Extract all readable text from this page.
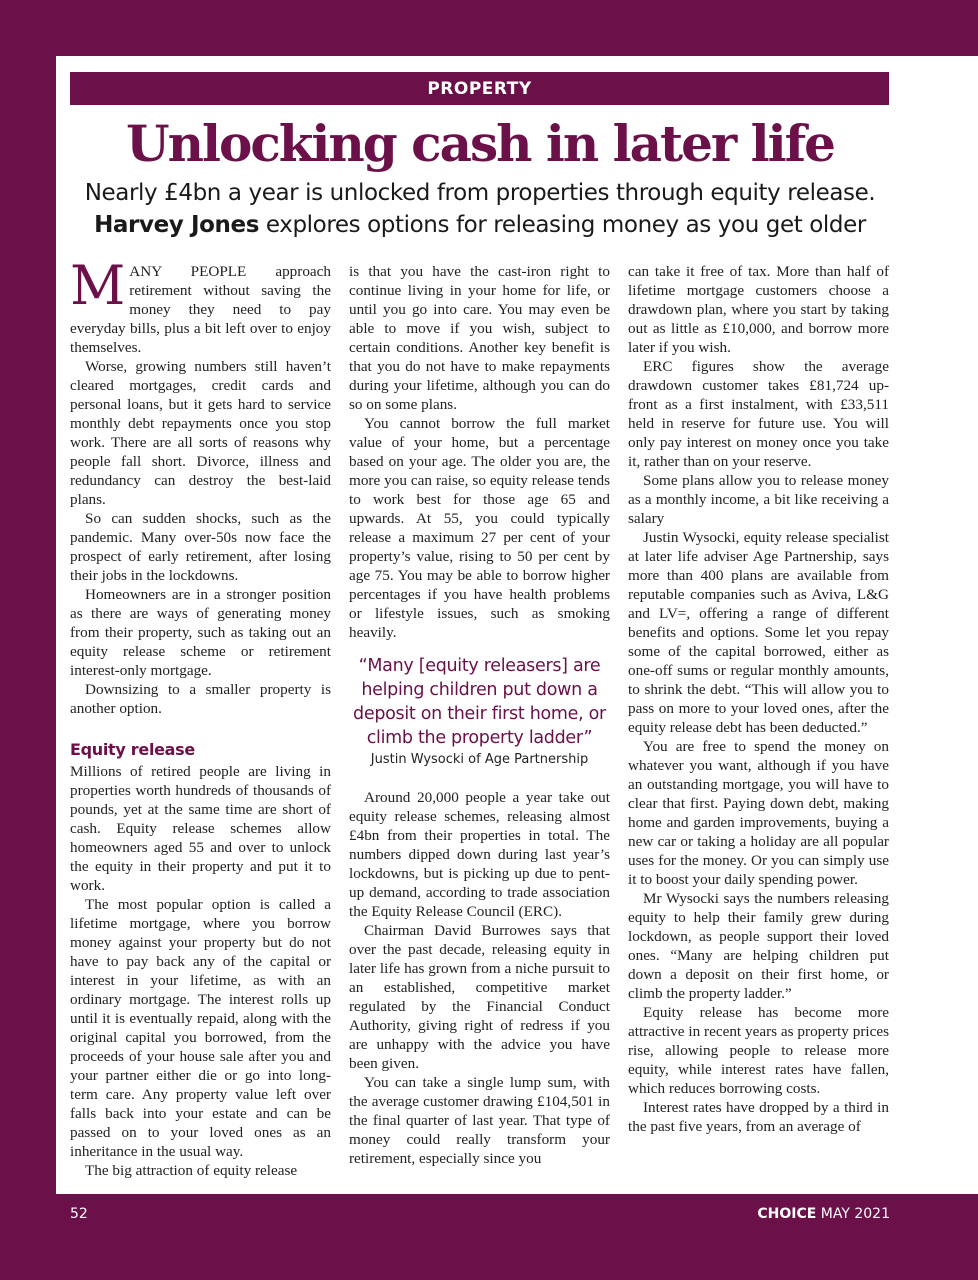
PROPERTY
Unlocking cash in later life

Nearly £4bn a year is unlocked from properties through equity release.
Harvey Jones explores options for releasing money as you get older

MANY PEOPLE approach retirement without saving the money they need to pay everyday bills, plus a bit left over to enjoy themselves.

Worse, growing numbers still haven’t cleared mortgages, credit cards and personal loans, but it gets hard to service monthly debt repayments once you stop work. There are all sorts of reasons why people fall short. Divorce, illness and redundancy can destroy the best-laid plans.

So can sudden shocks, such as the pandemic. Many over-50s now face the prospect of early retirement, after losing their jobs in the lockdowns.

Homeowners are in a stronger position as there are ways of generating money from their property, such as taking out an equity release scheme or retirement interest-only mortgage.

Downsizing to a smaller property is another option.

Equity release

Millions of retired people are living in properties worth hundreds of thousands of pounds, yet at the same time are short of cash. Equity release schemes allow homeowners aged 55 and over to unlock the equity in their property and put it to work.

The most popular option is called a lifetime mortgage, where you borrow money against your property but do not have to pay back any of the capital or interest in your lifetime, as with an ordinary mortgage. The interest rolls up until it is eventually repaid, along with the original capital you borrowed, from the proceeds of your house sale after you and your partner either die or go into long-term care. Any property value left over falls back into your estate and can be passed on to your loved ones as an inheritance in the usual way.

The big attraction of equity release

is that you have the cast-iron right to continue living in your home for life, or until you go into care. You may even be able to move if you wish, subject to certain conditions. Another key benefit is that you do not have to make repayments during your lifetime, although you can do so on some plans.

You cannot borrow the full market value of your home, but a percentage based on your age. The older you are, the more you can raise, so equity release tends to work best for those age 65 and upwards. At 55, you could typically release a maximum 27 per cent of your property’s value, rising to 50 per cent by age 75. You may be able to borrow higher percentages if you have health problems or lifestyle issues, such as smoking heavily.

“Many [equity releasers] are helping children put down a deposit on their first home, or climb the property ladder”
Justin Wysocki of Age Partnership

Around 20,000 people a year take out equity release schemes, releasing almost £4bn from their properties in total. The numbers dipped down during last year’s lockdowns, but is picking up due to pent-up demand, according to trade association the Equity Release Council (ERC).

Chairman David Burrowes says that over the past decade, releasing equity in later life has grown from a niche pursuit to an established, competitive market regulated by the Financial Conduct Authority, giving right of redress if you are unhappy with the advice you have been given.

You can take a single lump sum, with the average customer drawing £104,501 in the final quarter of last year. That type of money could really transform your retirement, especially since you

can take it free of tax. More than half of lifetime mortgage customers choose a drawdown plan, where you start by taking out as little as £10,000, and borrow more later if you wish.

ERC figures show the average drawdown customer takes £81,724 up-front as a first instalment, with £33,511 held in reserve for future use. You will only pay interest on money once you take it, rather than on your reserve.

Some plans allow you to release money as a monthly income, a bit like receiving a salary

Justin Wysocki, equity release specialist at later life adviser Age Partnership, says more than 400 plans are available from reputable companies such as Aviva, L&G and LV=, offering a range of different benefits and options. Some let you repay some of the capital borrowed, either as one-off sums or regular monthly amounts, to shrink the debt. “This will allow you to pass on more to your loved ones, after the equity release debt has been deducted.”

You are free to spend the money on whatever you want, although if you have an outstanding mortgage, you will have to clear that first. Paying down debt, making home and garden improvements, buying a new car or taking a holiday are all popular uses for the money. Or you can simply use it to boost your daily spending power.

Mr Wysocki says the numbers releasing equity to help their family grew during lockdown, as people support their loved ones. “Many are helping children put down a deposit on their first home, or climb the property ladder.”

Equity release has become more attractive in recent years as property prices rise, allowing people to release more equity, while interest rates have fallen, which reduces borrowing costs.

Interest rates have dropped by a third in the past five years, from an average of

52	CHOICE MAY 2021
